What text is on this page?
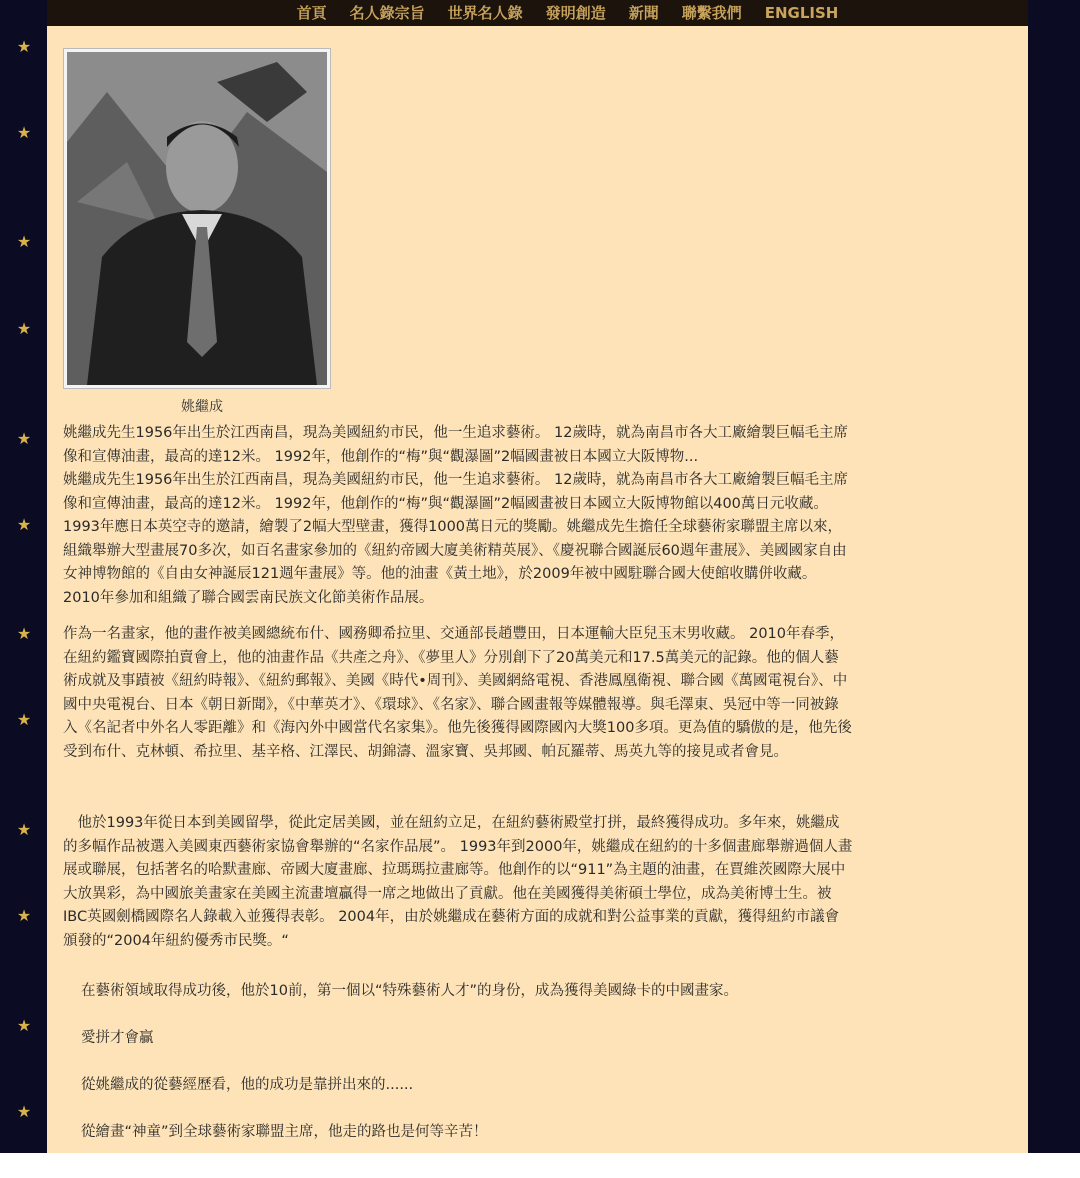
★
★
★
★
★
★
★
★
★
★
★
★
首頁 名人錄宗旨 世界名人錄 發明創造 新聞 聯繫我們 ENGLISH
姚繼成

姚繼成先生1956年出生於江西南昌，現為美國紐約市民，他一生追求藝術。 12歲時，就為南昌市各大工廠繪製巨幅毛主席像和宣傳油畫，最高的達12米。 1992年，他創作的“梅”與“觀瀑圖”2幅國畫被日本國立大阪博物...

姚繼成先生1956年出生於江西南昌，現為美國紐約市民，他一生追求藝術。 12歲時，就為南昌市各大工廠繪製巨幅毛主席像和宣傳油畫，最高的達12米。 1992年，他創作的“梅”與“觀瀑圖”2幅國畫被日本國立大阪博物館以400萬日元收藏。 1993年應日本英空寺的邀請，繪製了2幅大型壁畫，獲得1000萬日元的獎勵。姚繼成先生擔任全球藝術家聯盟主席以來，組織舉辦大型畫展70多次，如百名畫家參加的《紐約帝國大廈美術精英展》、《慶祝聯合國誕辰60週年畫展》、美國國家自由女神博物館的《自由女神誕辰121週年畫展》等。他的油畫《黃土地》，於2009年被中國駐聯合國大使館收購併收藏。 2010年參加和組織了聯合國雲南民族文化節美術作品展。

作為一名畫家，他的畫作被美國總統布什、國務卿希拉里、交通部長趙豐田，日本運輸大臣兒玉末男收藏。 2010年春季，在紐約鑑寶國際拍賣會上，他的油畫作品《共產之舟》、《夢里人》分別創下了20萬美元和17.5萬美元的記錄。他的個人藝術成就及事蹟被《紐約時報》、《紐約郵報》、美國《時代•周刊》、美國網絡電視、香港鳳凰衛視、聯合國《萬國電視台》、中國中央電視台、日本《朝日新聞》，《中華英才》、《環球》、《名家》、聯合國畫報等媒體報導。與毛澤東、吳冠中等一同被錄入《名記者中外名人零距離》和《海內外中國當代名家集》。他先後獲得國際國內大獎100多項。更為值的驕傲的是，他先後受到布什、克林頓、希拉里、基辛格、江澤民、胡錦濤、溫家寶、吳邦國、帕瓦羅蒂、馬英九等的接見或者會見。

　他於1993年從日本到美國留學，從此定居美國，並在紐約立足，在紐約藝術殿堂打拼，最終獲得成功。多年來，姚繼成的多幅作品被選入美國東西藝術家協會舉辦的“名家作品展”。 1993年到2000年，姚繼成在紐約的十多個畫廊舉辦過個人畫展或聯展，包括著名的哈默畫廊、帝國大廈畫廊、拉瑪瑪拉畫廊等。他創作的以“911”為主題的油畫，在賈維茨國際大展中大放異彩，為中國旅美畫家在美國主流畫壇贏得一席之地做出了貢獻。他在美國獲得美術碩士學位，成為美術博士生。被IBC英國劍橋國際名人錄載入並獲得表彰。 2004年，由於姚繼成在藝術方面的成就和對公益事業的貢獻，獲得紐約市議會頒發的“2004年紐約優秀市民獎。“

在藝術領域取得成功後，他於10前，第一個以“特殊藝術人才”的身份，成為獲得美國綠卡的中國畫家。
愛拼才會贏
從姚繼成的從藝經歷看，他的成功是靠拼出來的......
從繪畫“神童”到全球藝術家聯盟主席，他走的路也是何等辛苦！
